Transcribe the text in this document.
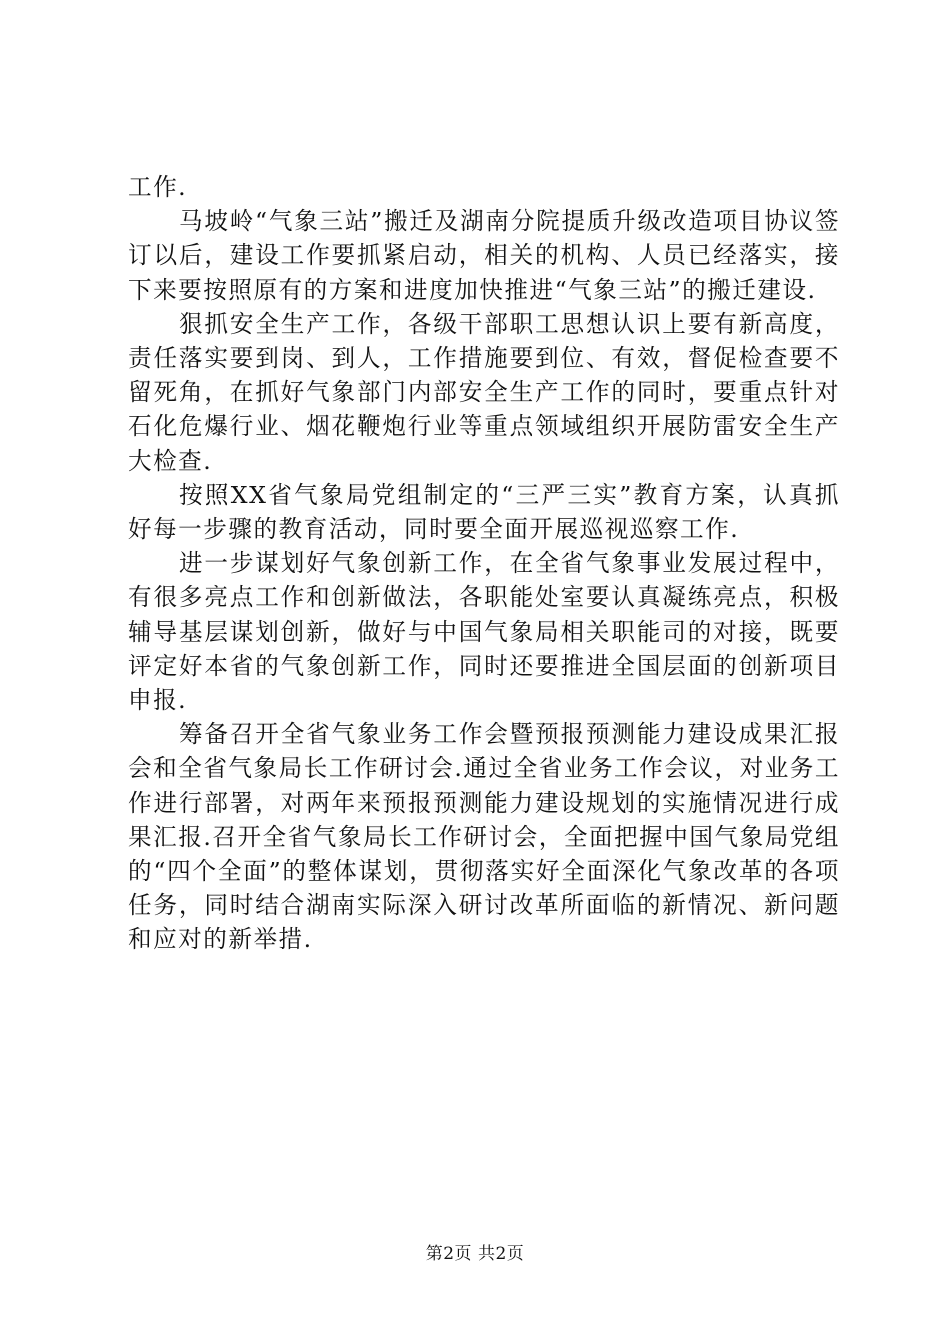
工作.

马坡岭“气象三站”搬迁及湖南分院提质升级改造项目协议签订以后，建设工作要抓紧启动，相关的机构、人员已经落实，接下来要按照原有的方案和进度加快推进“气象三站”的搬迁建设.

狠抓安全生产工作，各级干部职工思想认识上要有新高度，责任落实要到岗、到人，工作措施要到位、有效，督促检查要不留死角，在抓好气象部门内部安全生产工作的同时，要重点针对石化危爆行业、烟花鞭炮行业等重点领域组织开展防雷安全生产大检查.

按照XX省气象局党组制定的“三严三实”教育方案，认真抓好每一步骤的教育活动，同时要全面开展巡视巡察工作.

进一步谋划好气象创新工作，在全省气象事业发展过程中，有很多亮点工作和创新做法，各职能处室要认真凝练亮点，积极辅导基层谋划创新，做好与中国气象局相关职能司的对接，既要评定好本省的气象创新工作，同时还要推进全国层面的创新项目申报.

筹备召开全省气象业务工作会暨预报预测能力建设成果汇报会和全省气象局长工作研讨会.通过全省业务工作会议，对业务工作进行部署，对两年来预报预测能力建设规划的实施情况进行成果汇报.召开全省气象局长工作研讨会，全面把握中国气象局党组的“四个全面”的整体谋划，贯彻落实好全面深化气象改革的各项任务，同时结合湖南实际深入研讨改革所面临的新情况、新问题和应对的新举措.

第2页 共2页
